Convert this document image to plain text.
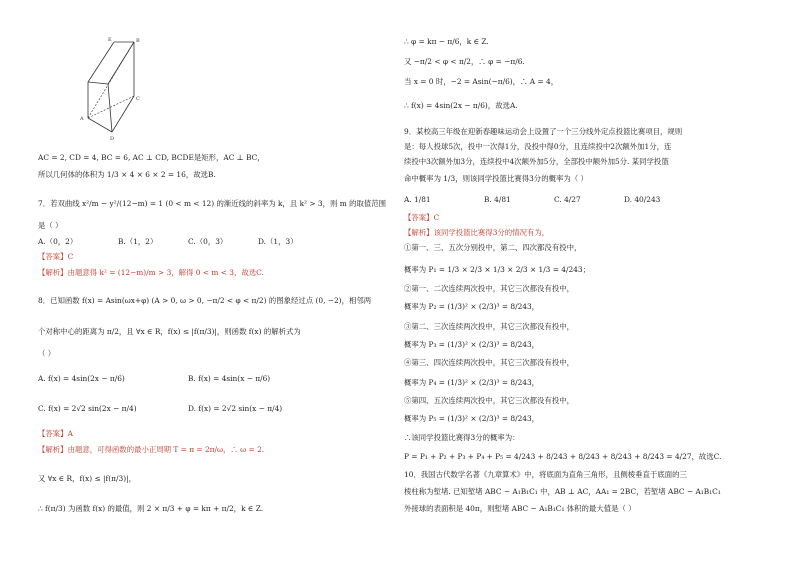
B
E
A
C
D
AC = 2, CD = 4, BC = 6, AC ⊥ CD, BCDE是矩形，AC ⊥ BC，
所以几何体的体积为 1/3 × 4 × 6 × 2 = 16，故选B.
7．若双曲线 x²/m − y²/(12−m) = 1 (0 < m < 12) 的渐近线的斜率为 k，且 k² > 3，则 m 的取值范围
是（ ）
A.（0，2）	B.（1，2）	C.（0，3）	D.（1，3）
【答案】C
【解析】由题意得 k² = (12−m)/m > 3，解得 0 < m < 3，故选C.
8．已知函数 f(x) = Asin(ωx+φ) (A > 0, ω > 0, −π/2 < φ < π/2) 的图象经过点 (0, −2)，相邻两
个对称中心的距离为 π/2，且 ∀x ∈ R，f(x) ≤ |f(π/3)|，则函数 f(x) 的解析式为
（ ）
A. f(x) = 4sin(2x − π/6)	B. f(x) = 4sin(x − π/6)
C. f(x) = 2√2 sin(2x − π/4)	D. f(x) = 2√2 sin(x − π/4)
【答案】A
【解析】由题意，可得函数的最小正周期 T = π = 2π/ω，∴ ω = 2.
又 ∀x ∈ R，f(x) ≤ |f(π/3)|，
∴ f(π/3) 为函数 f(x) 的最值，则 2 × π/3 + φ = kπ + π/2，k ∈ Z.
∴ φ = kπ − π/6，k ∈ Z.
又 −π/2 < φ < π/2，∴ φ = −π/6.
当 x = 0 时，−2 = Asin(−π/6)，∴ A = 4，
∴ f(x) = 4sin(2x − π/6)，故选A.
9．某校高三年级在迎新春趣味运动会上设置了一个三分线外定点投篮比赛项目，规则
是：每人投球5次，投中一次得1分，没投中得0分，且连续投中2次额外加1分，连
续投中3次额外加3分，连续投中4次额外加5分，全部投中额外加5分. 某同学投篮
命中概率为 1/3，则该同学投篮比赛得3分的概率为（ ）
A. 1/81	B. 4/81	C. 4/27	D. 40/243
【答案】C
【解析】该同学投篮比赛得3分的情况有为，
①第一、三、五次分别投中，第二、四次都没有投中，
概率为 P₁ = 1/3 × 2/3 × 1/3 × 2/3 × 1/3 = 4/243；
②第一、二次连续两次投中，其它三次都没有投中，
概率为 P₂ = (1/3)² × (2/3)³ = 8/243，
③第二、三次连续两次投中，其它三次都没有投中，
概率为 P₃ = (1/3)² × (2/3)³ = 8/243，
④第三、四次连续两次投中，其它三次都没有投中，
概率为 P₄ = (1/3)² × (2/3)³ = 8/243，
⑤第四、五次连续两次投中，其它三次都没有投中，
概率为 P₅ = (1/3)² × (2/3)³ = 8/243，
∴该同学投篮比赛得3分的概率为：
P = P₁ + P₂ + P₃ + P₄ + P₅ = 4/243 + 8/243 + 8/243 + 8/243 + 8/243 = 4/27，故选C.
10．我国古代数学名著《九章算术》中，将底面为直角三角形，且侧棱垂直于底面的三
棱柱称为堑堵. 已知堑堵 ABC − A₁B₁C₁ 中，AB ⊥ AC，AA₁ = 2BC，若堑堵 ABC − A₁B₁C₁
外接球的表面积是 40π，则堑堵 ABC − A₁B₁C₁ 体积的最大值是（ ）
